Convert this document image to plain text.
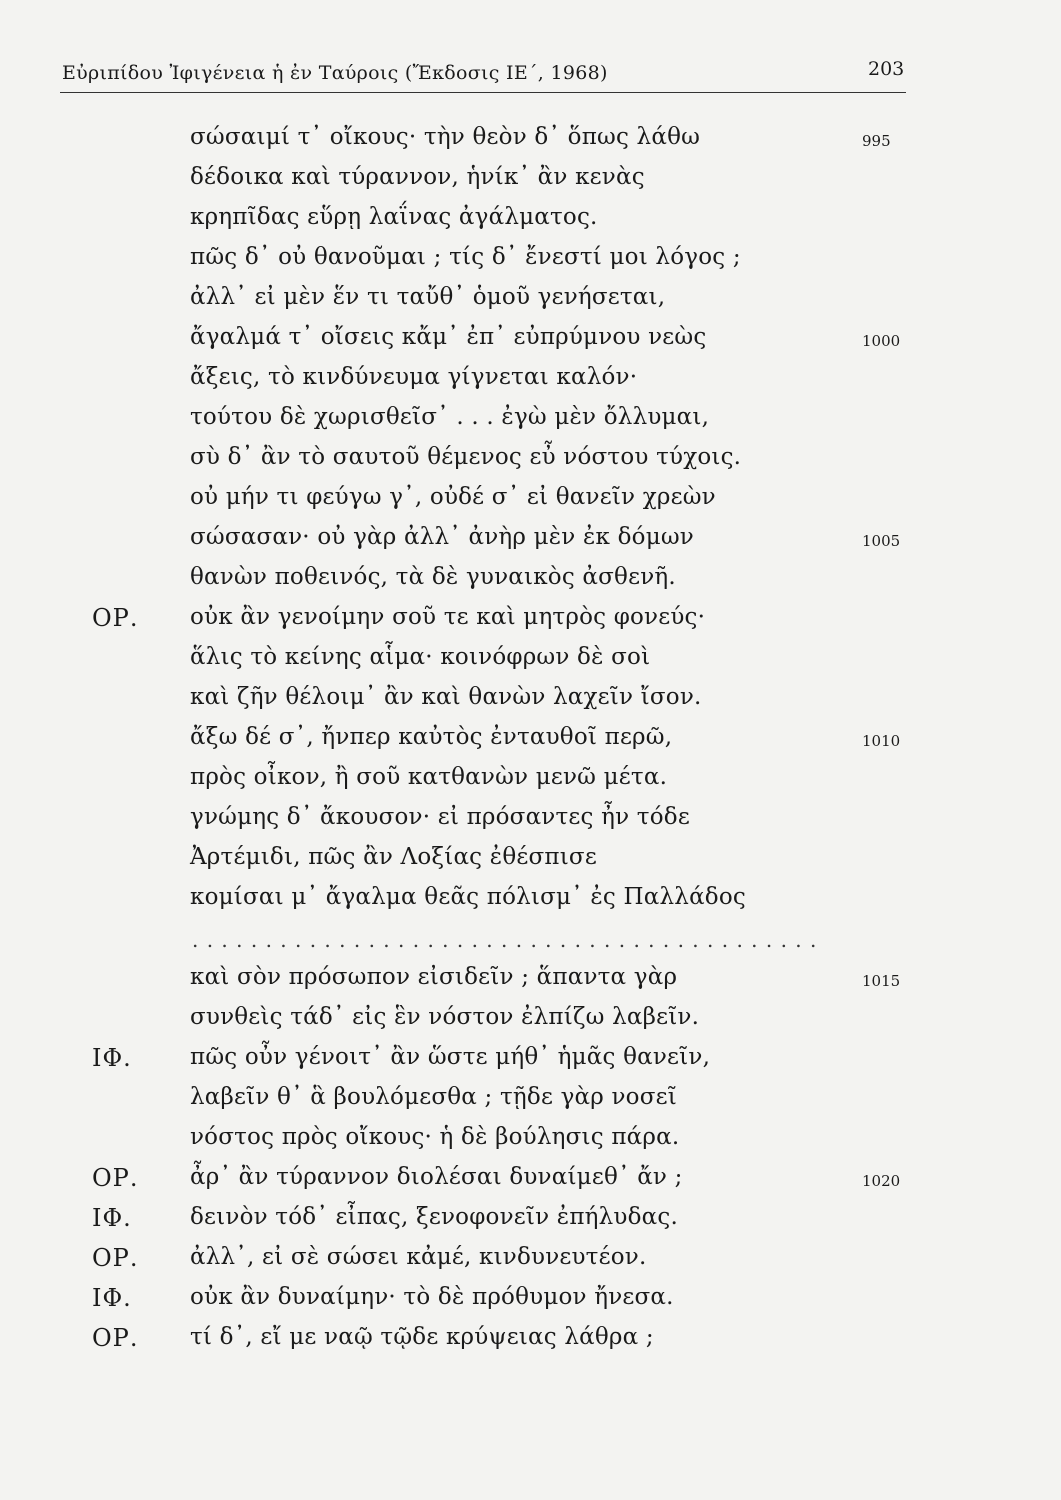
Εὐριπίδου Ἰφιγένεια ἡ ἐν Ταύροις (Ἔκδοσις ΙΕ΄, 1968)	203
σώσαιμί τ᾽ οἴκους· τὴν θεὸν δ᾽ ὅπως λάθω	995
δέδοικα καὶ τύραννον, ἡνίκ᾽ ἂν κενὰς
κρηπῖδας εὕρῃ λαΐνας ἀγάλματος.
πῶς δ᾽ οὐ θανοῦμαι ; τίς δ᾽ ἔνεστί μοι λόγος ;
ἀλλ᾽ εἰ μὲν ἕν τι ταὔθ᾽ ὁμοῦ γενήσεται,
ἄγαλμά τ᾽ οἴσεις κἄμ᾽ ἐπ᾽ εὐπρύμνου νεὼς	1000
ἄξεις, τὸ κινδύνευμα γίγνεται καλόν·
τούτου δὲ χωρισθεῖσ᾽ . . . ἐγὼ μὲν ὄλλυμαι,
σὺ δ᾽ ἂν τὸ σαυτοῦ θέμενος εὖ νόστου τύχοις.
οὐ μήν τι φεύγω γ᾽, οὐδέ σ᾽ εἰ θανεῖν χρεὼν
σώσασαν· οὐ γὰρ ἀλλ᾽ ἀνὴρ μὲν ἐκ δόμων	1005
θανὼν ποθεινός, τὰ δὲ γυναικὸς ἀσθενῆ.
ΟΡ. οὐκ ἂν γενοίμην σοῦ τε καὶ μητρὸς φονεύς·
ἅλις τὸ κείνης αἷμα· κοινόφρων δὲ σοὶ
καὶ ζῆν θέλοιμ᾽ ἂν καὶ θανὼν λαχεῖν ἴσον.
ἄξω δέ σ᾽, ἤνπερ καὐτὸς ἐνταυθοῖ περῶ,	1010
πρὸς οἶκον, ἢ σοῦ κατθανὼν μενῶ μέτα.
γνώμης δ᾽ ἄκουσον· εἰ πρόσαντες ἦν τόδε
Ἀρτέμιδι, πῶς ἂν Λοξίας ἐθέσπισε
κομίσαι μ᾽ ἄγαλμα θεᾶς πόλισμ᾽ ἐς Παλλάδος
. . . . . . . . . . . . . . . . . . . . . . . . . . . . . . . . . . . . . . . . . . .
καὶ σὸν πρόσωπον εἰσιδεῖν ; ἅπαντα γὰρ	1015
συνθεὶς τάδ᾽ εἰς ἓν νόστον ἐλπίζω λαβεῖν.
ΙΦ.	πῶς οὖν γένοιτ᾽ ἂν ὥστε μήθ᾽ ἡμᾶς θανεῖν,
λαβεῖν θ᾽ ἃ βουλόμεσθα ; τῇδε γὰρ νοσεῖ
νόστος πρὸς οἴκους· ἡ δὲ βούλησις πάρα.
ΟΡ. ἆρ᾽ ἂν τύραννον διολέσαι δυναίμεθ᾽ ἄν ;	1020
ΙΦ.	δεινὸν τόδ᾽ εἶπας, ξενοφονεῖν ἐπήλυδας.
ΟΡ. ἀλλ᾽, εἰ σὲ σώσει κἀμέ, κινδυνευτέον.
ΙΦ.	οὐκ ἂν δυναίμην· τὸ δὲ πρόθυμον ἤνεσα.
ΟΡ. τί δ᾽, εἴ με ναῷ τῷδε κρύψειας λάθρα ;
